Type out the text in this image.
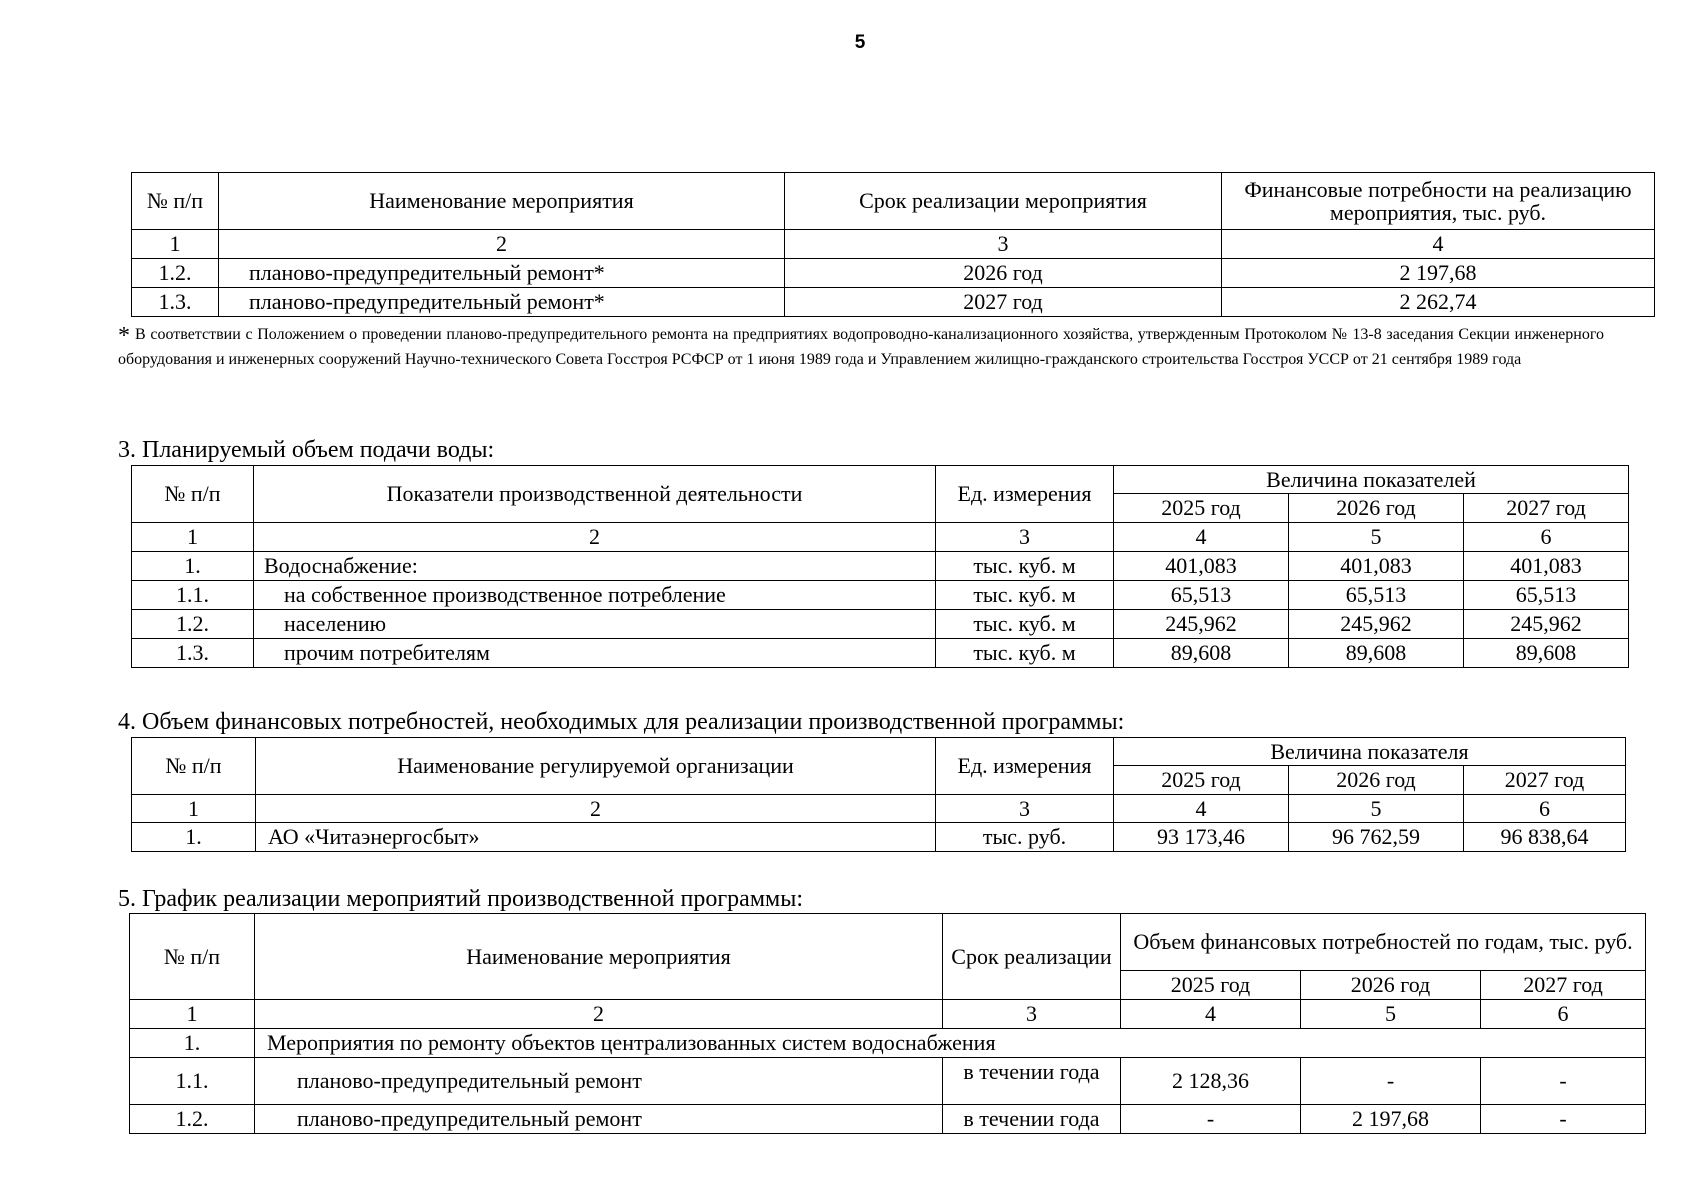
5
№ п/п	Наименование мероприятия	Срок реализации мероприятия	Финансовые потребности на реализацию мероприятия, тыс. руб.
1	2	3	4
1.2.	планово-предупредительный ремонт*	2026 год	2 197,68
1.3.	планово-предупредительный ремонт*	2027 год	2 262,74
* В соответствии с Положением о проведении планово-предупредительного ремонта на предприятиях водопроводно-канализационного хозяйства, утвержденным Протоколом № 13-8 заседания Секции инженерного оборудования и инженерных сооружений Научно-технического Совета Госстроя РСФСР от 1 июня 1989 года и Управлением жилищно-гражданского строительства Госстроя УССР от 21 сентября 1989 года
3. Планируемый объем подачи воды:
№ п/п	Показатели производственной деятельности	Ед. измерения	Величина показателей		
			2025 год	2026 год	2027 год
1	2	3	4	5	6
1.	Водоснабжение:	тыс. куб. м	401,083	401,083	401,083
1.1.	на собственное производственное потребление	тыс. куб. м	65,513	65,513	65,513
1.2.	населению	тыс. куб. м	245,962	245,962	245,962
1.3.	прочим потребителям	тыс. куб. м	89,608	89,608	89,608
4. Объем финансовых потребностей, необходимых для реализации производственной программы:
№ п/п	Наименование регулируемой организации	Ед. измерения	Величина показателя		
			2025 год	2026 год	2027 год
1	2	3	4	5	6
1.	АО «Читаэнергосбыт»	тыс. руб.	93 173,46	96 762,59	96 838,64
5. График реализации мероприятий производственной программы:
№ п/п	Наименование мероприятия	Срок реализации	Объем финансовых потребностей по годам, тыс. руб.		
			2025 год	2026 год	2027 год
1	2	3	4	5	6
1.	Мероприятия по ремонту объектов централизованных систем водоснабжения				
1.1.	планово-предупредительный ремонт	в течении года	2 128,36	-	-
1.2.	планово-предупредительный ремонт	в течении года	-	2 197,68	-
